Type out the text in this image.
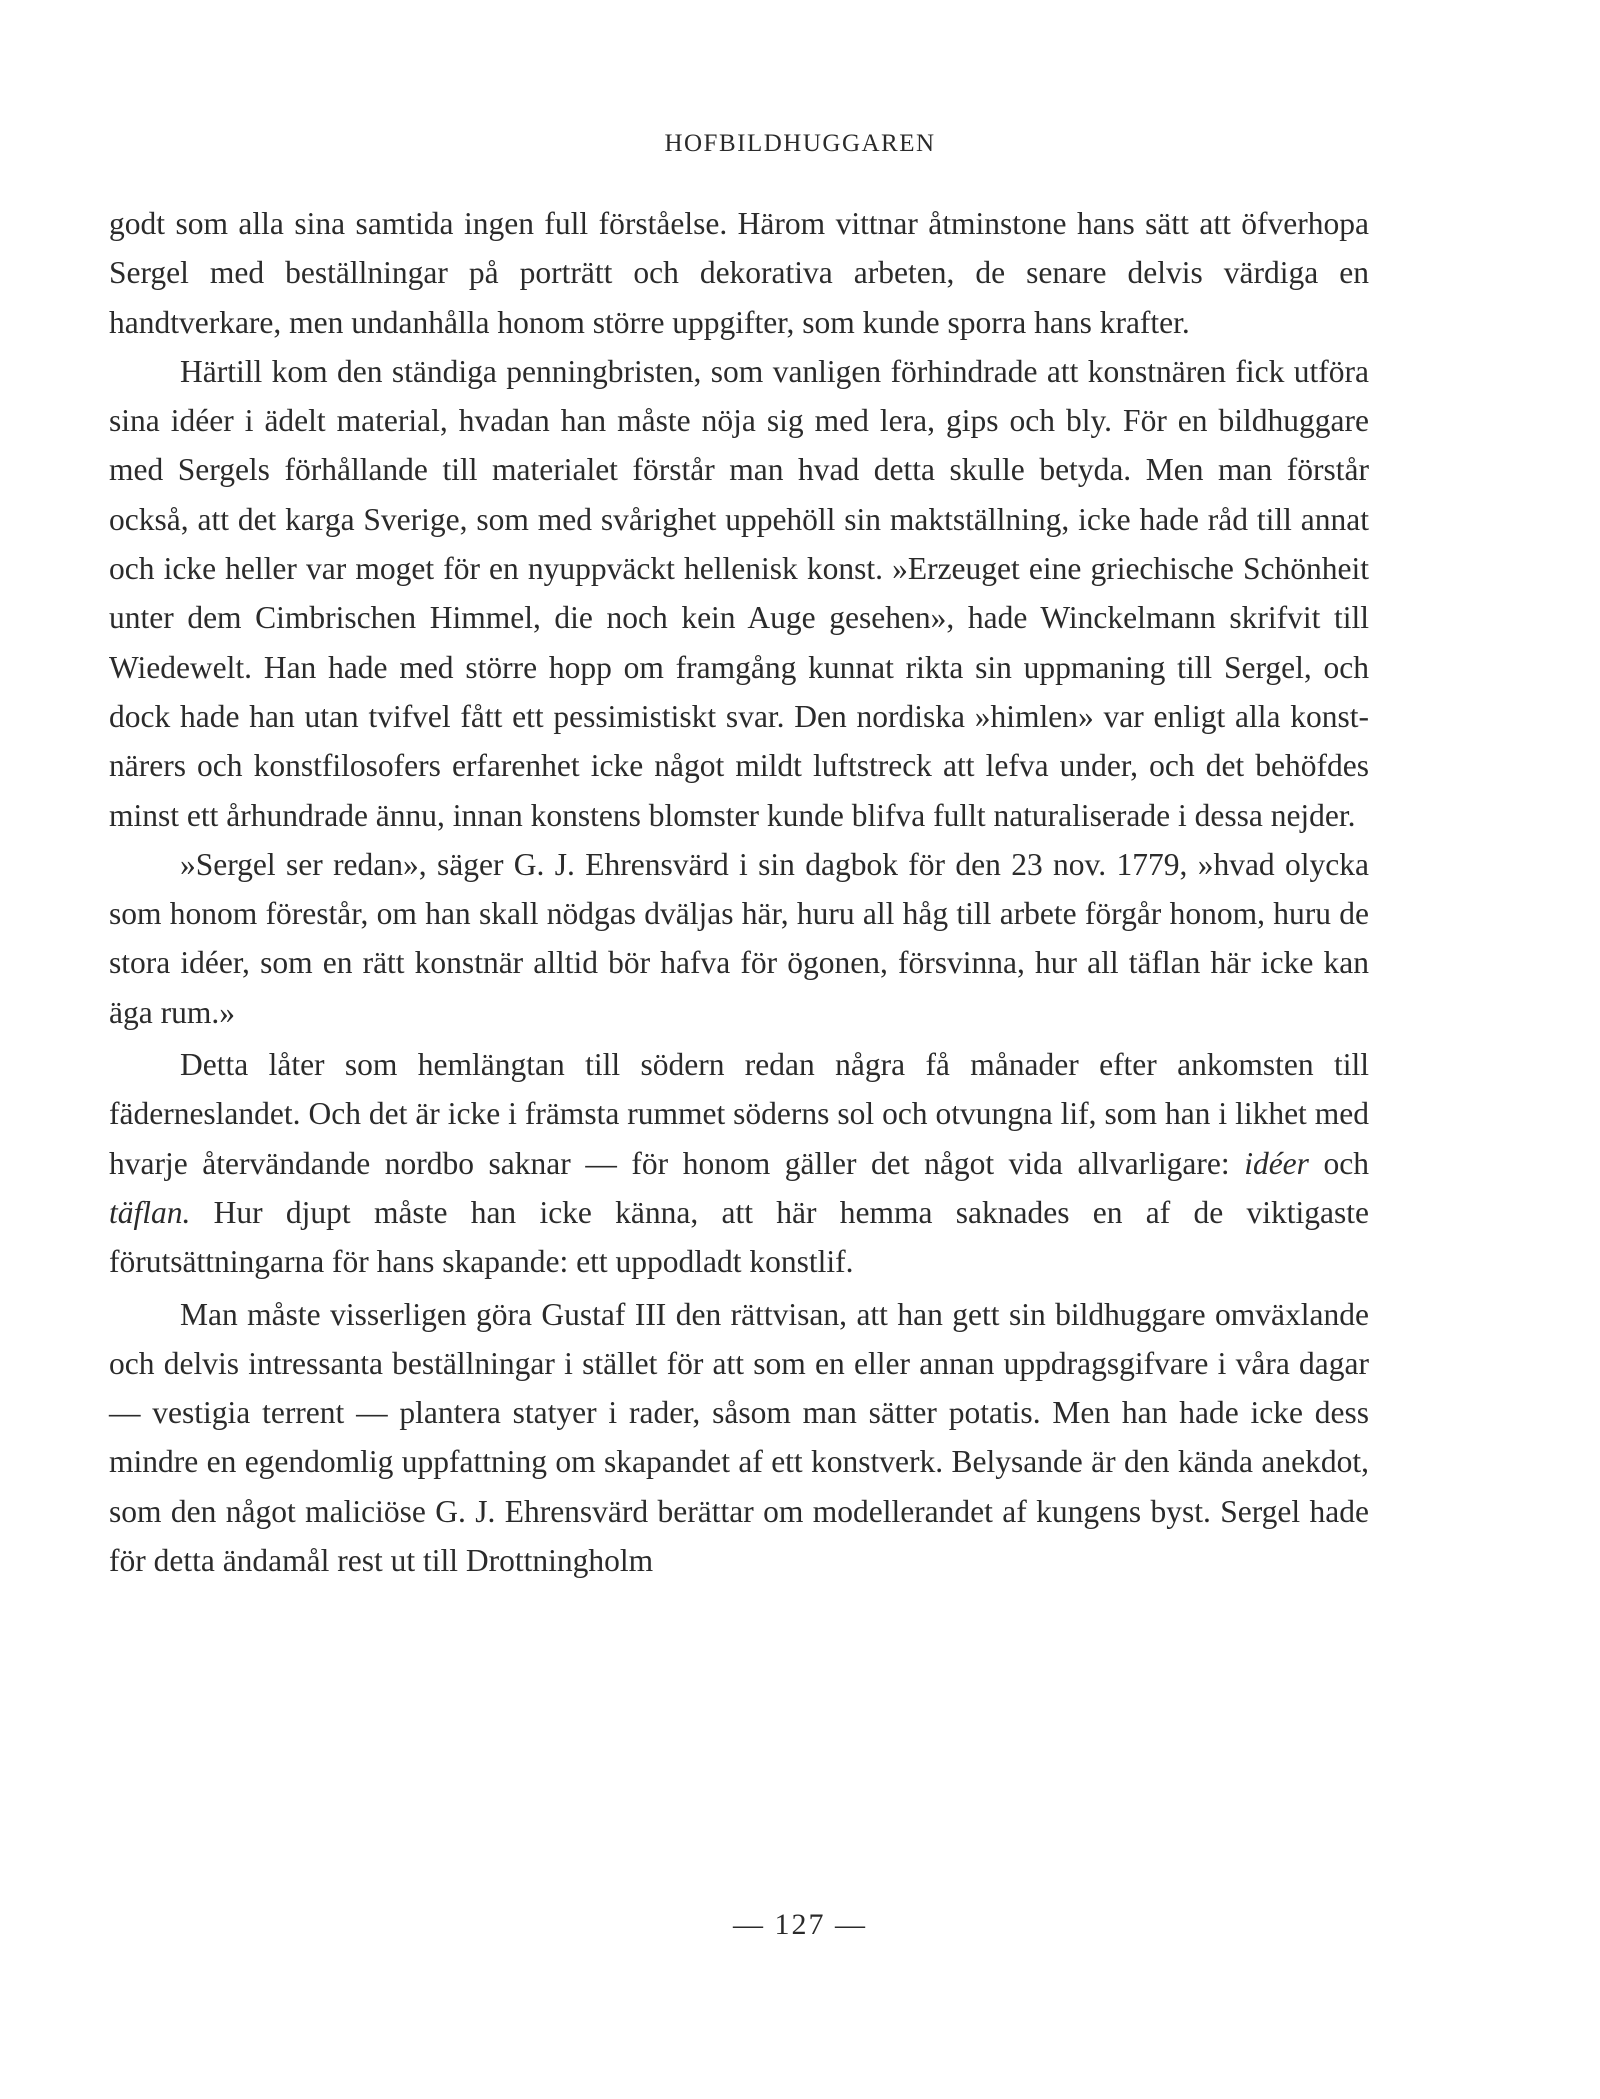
HOFBILDHUGGAREN

godt som alla sina samtida ingen full förståelse. Härom vittnar åtminstone hans sätt att öfverhopa Sergel med beställningar på porträtt och dekorativa arbeten, de senare delvis värdiga en handtverkare, men undanhålla honom större uppgifter, som kunde sporra hans krafter.

Härtill kom den ständiga penningbristen, som vanligen förhindrade att konstnären fick utföra sina idéer i ädelt material, hvadan han måste nöja sig med lera, gips och bly. För en bildhuggare med Sergels förhållande till materialet förstår man hvad detta skulle betyda. Men man förstår också, att det karga Sverige, som med svårighet uppehöll sin maktställning, icke hade råd till annat och icke heller var moget för en nyuppväckt hellenisk konst. »Erzeuget eine griechische Schönheit unter dem Cimbrischen Himmel, die noch kein Auge gesehen», hade Winckelmann skrifvit till Wiedewelt. Han hade med större hopp om framgång kunnat rikta sin uppmaning till Sergel, och dock hade han utan tvifvel fått ett pessimistiskt svar. Den nordiska »himlen» var enligt alla konstnärers och konstfilosofers erfarenhet icke något mildt luftstreck att lefva under, och det behöfdes minst ett århundrade ännu, innan konstens blomster kunde blifva fullt naturaliserade i dessa nejder.

»Sergel ser redan», säger G. J. Ehrensvärd i sin dagbok för den 23 nov. 1779, »hvad olycka som honom förestår, om han skall nödgas dväljas här, huru all håg till arbete förgår honom, huru de stora idéer, som en rätt konstnär alltid bör hafva för ögonen, försvinna, hur all täflan här icke kan äga rum.»

Detta låter som hemlängtan till södern redan några få månader efter ankomsten till fäderneslandet. Och det är icke i främsta rummet söderns sol och otvungna lif, som han i likhet med hvarje återvändande nordbo saknar — för honom gäller det något vida allvarligare: idéer och täflan. Hur djupt måste han icke känna, att här hemma saknades en af de viktigaste förutsättningarna för hans skapande: ett uppodladt konstlif.

Man måste visserligen göra Gustaf III den rättvisan, att han gett sin bildhuggare omväxlande och delvis intressanta beställningar i stället för att som en eller annan uppdragsgifvare i våra dagar — vestigia terrent — plantera statyer i rader, såsom man sätter potatis. Men han hade icke dess mindre en egendomlig uppfattning om skapandet af ett konstverk. Belysande är den kända anekdot, som den något maliciöse G. J. Ehrensvärd berättar om modellerandet af kungens byst. Sergel hade för detta ändamål rest ut till Drottningholm

— 127 —
